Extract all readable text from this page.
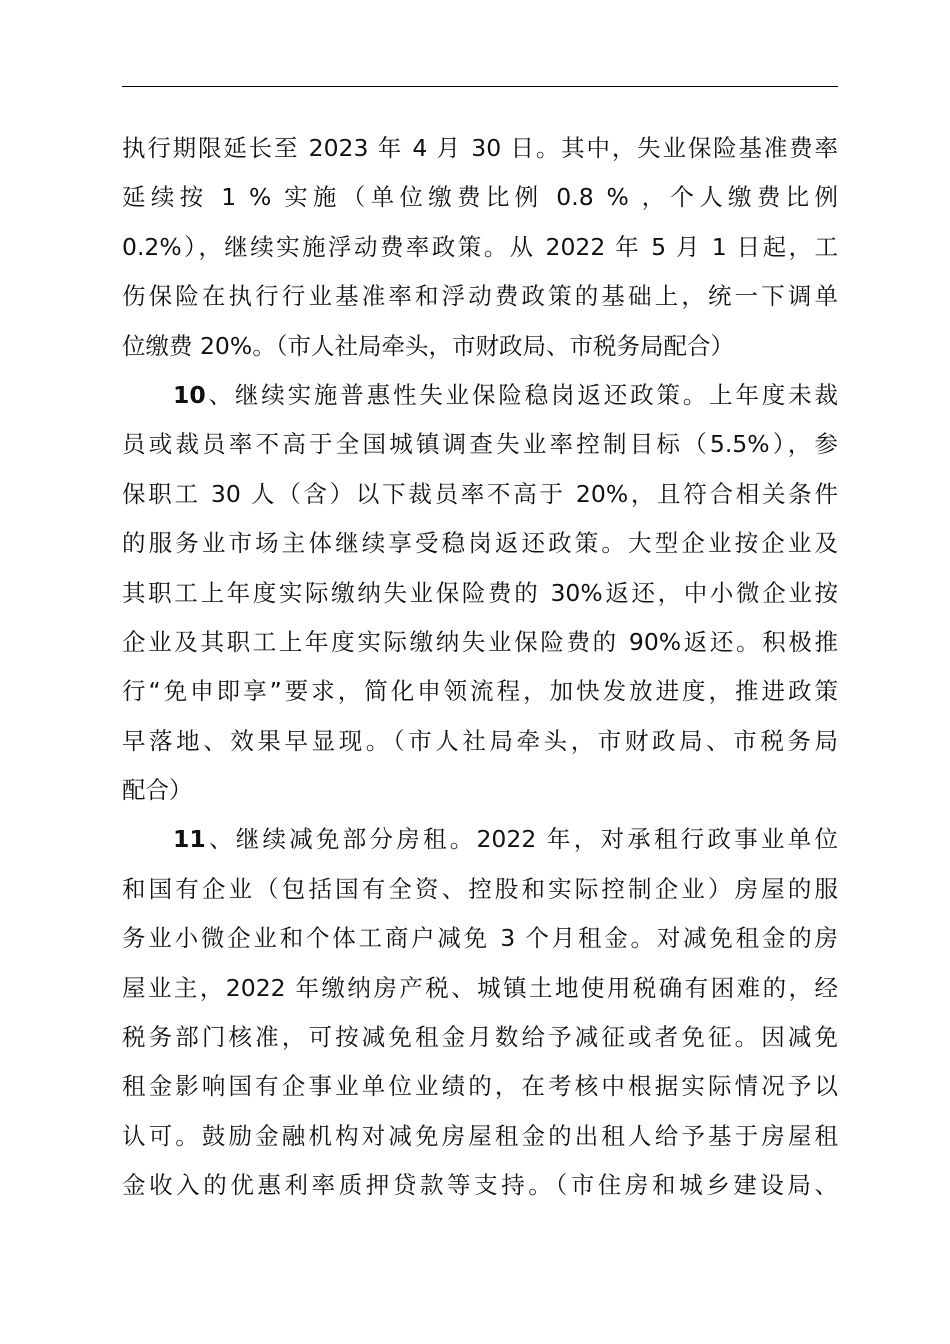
执行期限延长至 2023 年 4 月 30 日。其中，失业保险基准费率
延续按 1 % 实施（单位缴费比例 0.8 % ，个人缴费比例
0.2%），继续实施浮动费率政策。从 2022 年 5 月 1 日起，工
伤保险在执行行业基准率和浮动费政策的基础上，统一下调单
位缴费 20%。（市人社局牵头，市财政局、市税务局配合）
10、继续实施普惠性失业保险稳岗返还政策。上年度未裁
员或裁员率不高于全国城镇调查失业率控制目标（5.5%），参
保职工 30 人（含）以下裁员率不高于 20%，且符合相关条件
的服务业市场主体继续享受稳岗返还政策。大型企业按企业及
其职工上年度实际缴纳失业保险费的 30%返还，中小微企业按
企业及其职工上年度实际缴纳失业保险费的 90%返还。积极推
行“免申即享”要求，简化申领流程，加快发放进度，推进政策
早落地、效果早显现。（市人社局牵头，市财政局、市税务局
配合）
11、继续减免部分房租。2022 年，对承租行政事业单位
和国有企业（包括国有全资、控股和实际控制企业）房屋的服
务业小微企业和个体工商户减免 3 个月租金。对减免租金的房
屋业主，2022 年缴纳房产税、城镇土地使用税确有困难的，经
税务部门核准，可按减免租金月数给予减征或者免征。因减免
租金影响国有企事业单位业绩的，在考核中根据实际情况予以
认可。鼓励金融机构对减免房屋租金的出租人给予基于房屋租
金收入的优惠利率质押贷款等支持。（市住房和城乡建设局、
